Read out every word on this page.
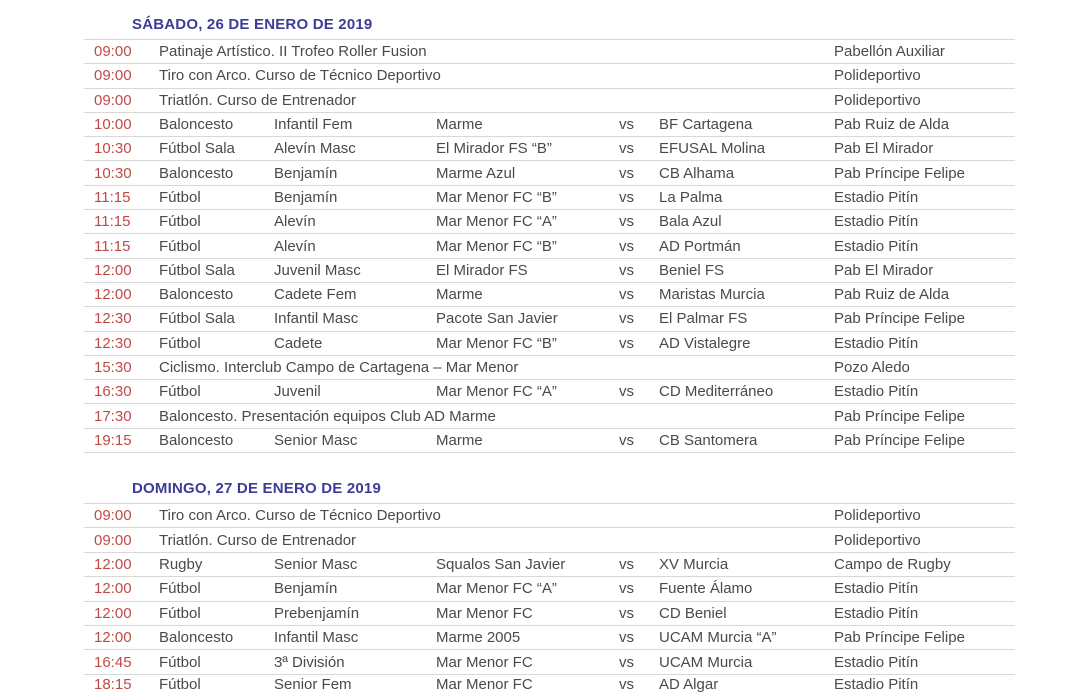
SÁBADO, 26 DE ENERO DE 2019
09:00	Patinaje Artístico. II Trofeo Roller Fusion	Pabellón Auxiliar
09:00	Tiro con Arco. Curso de Técnico Deportivo	Polideportivo
09:00	Triatlón. Curso de Entrenador	Polideportivo
10:00	Baloncesto	Infantil Fem	Marme	vs	BF Cartagena	Pab Ruiz de Alda
10:30	Fútbol Sala	Alevín Masc	El Mirador FS “B”	vs	EFUSAL Molina	Pab El Mirador
10:30	Baloncesto	Benjamín	Marme Azul	vs	CB Alhama	Pab Príncipe Felipe
11:15	Fútbol	Benjamín	Mar Menor FC “B”	vs	La Palma	Estadio Pitín
11:15	Fútbol	Alevín	Mar Menor FC “A”	vs	Bala Azul	Estadio Pitín
11:15	Fútbol	Alevín	Mar Menor FC “B”	vs	AD Portmán	Estadio Pitín
12:00	Fútbol Sala	Juvenil Masc	El Mirador FS	vs	Beniel FS	Pab El Mirador
12:00	Baloncesto	Cadete Fem	Marme	vs	Maristas Murcia	Pab Ruiz de Alda
12:30	Fútbol Sala	Infantil Masc	Pacote San Javier	vs	El Palmar FS	Pab Príncipe Felipe
12:30	Fútbol	Cadete	Mar Menor FC “B”	vs	AD Vistalegre	Estadio Pitín
15:30	Ciclismo. Interclub Campo de Cartagena – Mar Menor	Pozo Aledo
16:30	Fútbol	Juvenil	Mar Menor FC “A”	vs	CD Mediterráneo	Estadio Pitín
17:30	Baloncesto. Presentación equipos Club AD Marme	Pab Príncipe Felipe
19:15	Baloncesto	Senior Masc	Marme	vs	CB Santomera	Pab Príncipe Felipe
DOMINGO, 27 DE ENERO DE 2019
09:00	Tiro con Arco. Curso de Técnico Deportivo	Polideportivo
09:00	Triatlón. Curso de Entrenador	Polideportivo
12:00	Rugby	Senior Masc	Squalos San Javier	vs	XV Murcia	Campo de Rugby
12:00	Fútbol	Benjamín	Mar Menor FC “A”	vs	Fuente Álamo	Estadio Pitín
12:00	Fútbol	Prebenjamín	Mar Menor FC	vs	CD Beniel	Estadio Pitín
12:00	Baloncesto	Infantil Masc	Marme 2005	vs	UCAM Murcia “A”	Pab Príncipe Felipe
16:45	Fútbol	3ª División	Mar Menor FC	vs	UCAM Murcia	Estadio Pitín
18:15	Fútbol	Senior Fem	Mar Menor FC	vs	AD Algar	Estadio Pitín
